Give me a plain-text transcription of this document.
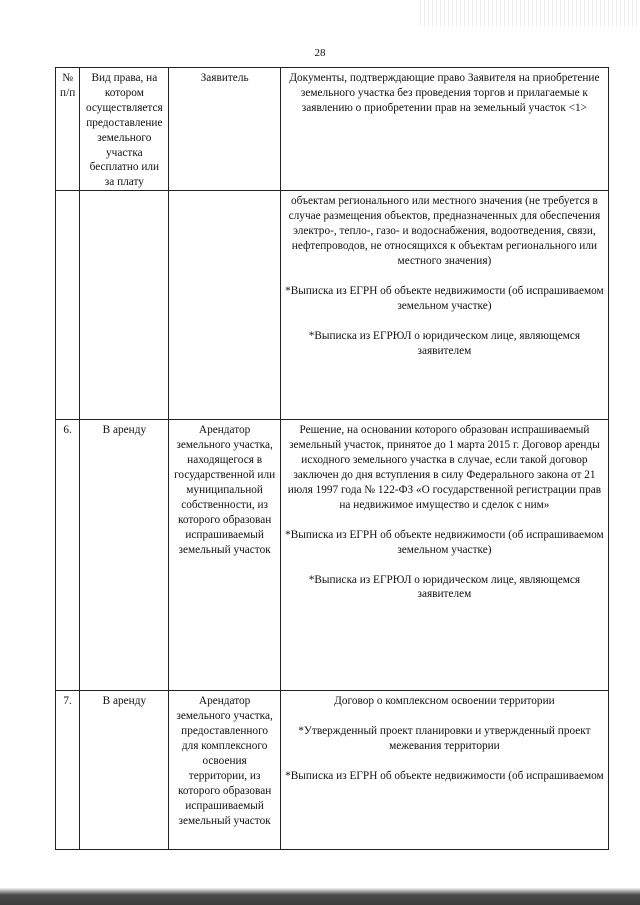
28
№
п/п	Вид права, на котором осуществляется предоставление земельного участка бесплатно или за плату	Заявитель	Документы, подтверждающие право Заявителя на приобретение земельного участка без проведения торгов и прилагаемые к заявлению о приобретении прав на земельный участок <1>

			объектам регионального или местного значения (не требуется в случае размещения объектов, предназначенных для обеспечения электро-, тепло-, газо- и водоснабжения, водоотведения, связи, нефтепроводов, не относящихся к объектам регионального или местного значения)
*Выписка из ЕГРН об объекте недвижимости (об испрашиваемом земельном участке)
*Выписка из ЕГРЮЛ о юридическом лице, являющемся заявителем

6.	В аренду	Арендатор земельного участка, находящегося в государственной или муниципальной собственности, из которого образован испрашиваемый земельный участок	Решение, на основании которого образован испрашиваемый земельный участок, принятое до 1 марта 2015 г. Договор аренды исходного земельного участка в случае, если такой договор заключен до дня вступления в силу Федерального закона от 21 июля 1997 года № 122-ФЗ «О государственной регистрации прав на недвижимое имущество и сделок с ним»
*Выписка из ЕГРН об объекте недвижимости (об испрашиваемом земельном участке)
*Выписка из ЕГРЮЛ о юридическом лице, являющемся заявителем

7.	В аренду	Арендатор земельного участка, предоставленного для комплексного освоения территории, из которого образован испрашиваемый земельный участок	Договор о комплексном освоении территории
*Утвержденный проект планировки и утвержденный проект межевания территории
*Выписка из ЕГРН об объекте недвижимости (об испрашиваемом
